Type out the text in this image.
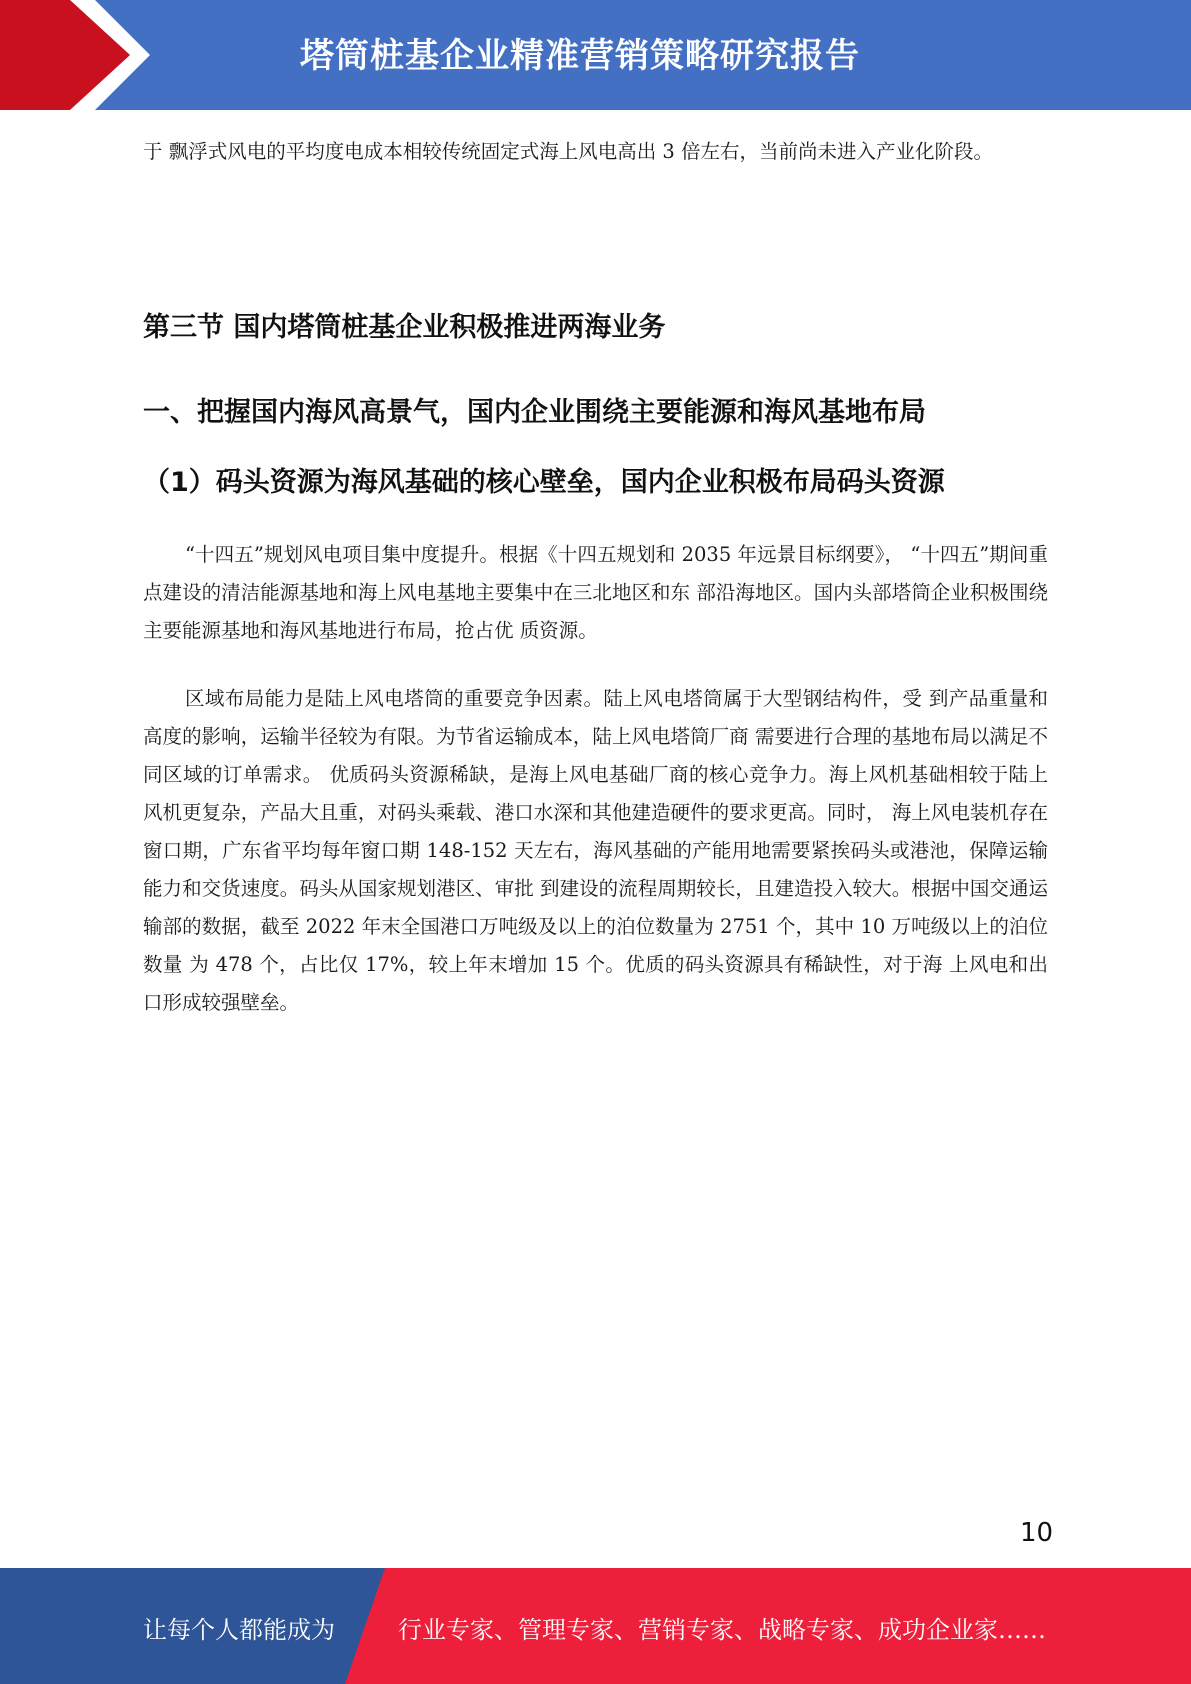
塔筒桩基企业精准营销策略研究报告

于 飘浮式风电的平均度电成本相较传统固定式海上风电高出 3 倍左右，当前尚未进入产业化阶段。

第三节 国内塔筒桩基企业积极推进两海业务
一、把握国内海风高景气，国内企业围绕主要能源和海风基地布局
（1）码头资源为海风基础的核心壁垒，国内企业积极布局码头资源

“十四五”规划风电项目集中度提升。根据《十四五规划和 2035 年远景目标纲要》， “十四五”期间重点建设的清洁能源基地和海上风电基地主要集中在三北地区和东 部沿海地区。国内头部塔筒企业积极围绕主要能源基地和海风基地进行布局，抢占优 质资源。

区域布局能力是陆上风电塔筒的重要竞争因素。陆上风电塔筒属于大型钢结构件，受 到产品重量和高度的影响，运输半径较为有限。为节省运输成本，陆上风电塔筒厂商 需要进行合理的基地布局以满足不同区域的订单需求。 优质码头资源稀缺，是海上风电基础厂商的核心竞争力。海上风机基础相较于陆上 风机更复杂，产品大且重，对码头乘载、港口水深和其他建造硬件的要求更高。同时， 海上风电装机存在窗口期，广东省平均每年窗口期 148-152 天左右，海风基础的产能用地需要紧挨码头或港池，保障运输能力和交货速度。码头从国家规划港区、审批 到建设的流程周期较长，且建造投入较大。根据中国交通运输部的数据，截至 2022 年末全国港口万吨级及以上的泊位数量为 2751 个，其中 10 万吨级以上的泊位数量 为 478 个，占比仅 17%，较上年末增加 15 个。优质的码头资源具有稀缺性，对于海 上风电和出口形成较强壁垒。

10
让每个人都能成为	行业专家、管理专家、营销专家、战略专家、成功企业家……
